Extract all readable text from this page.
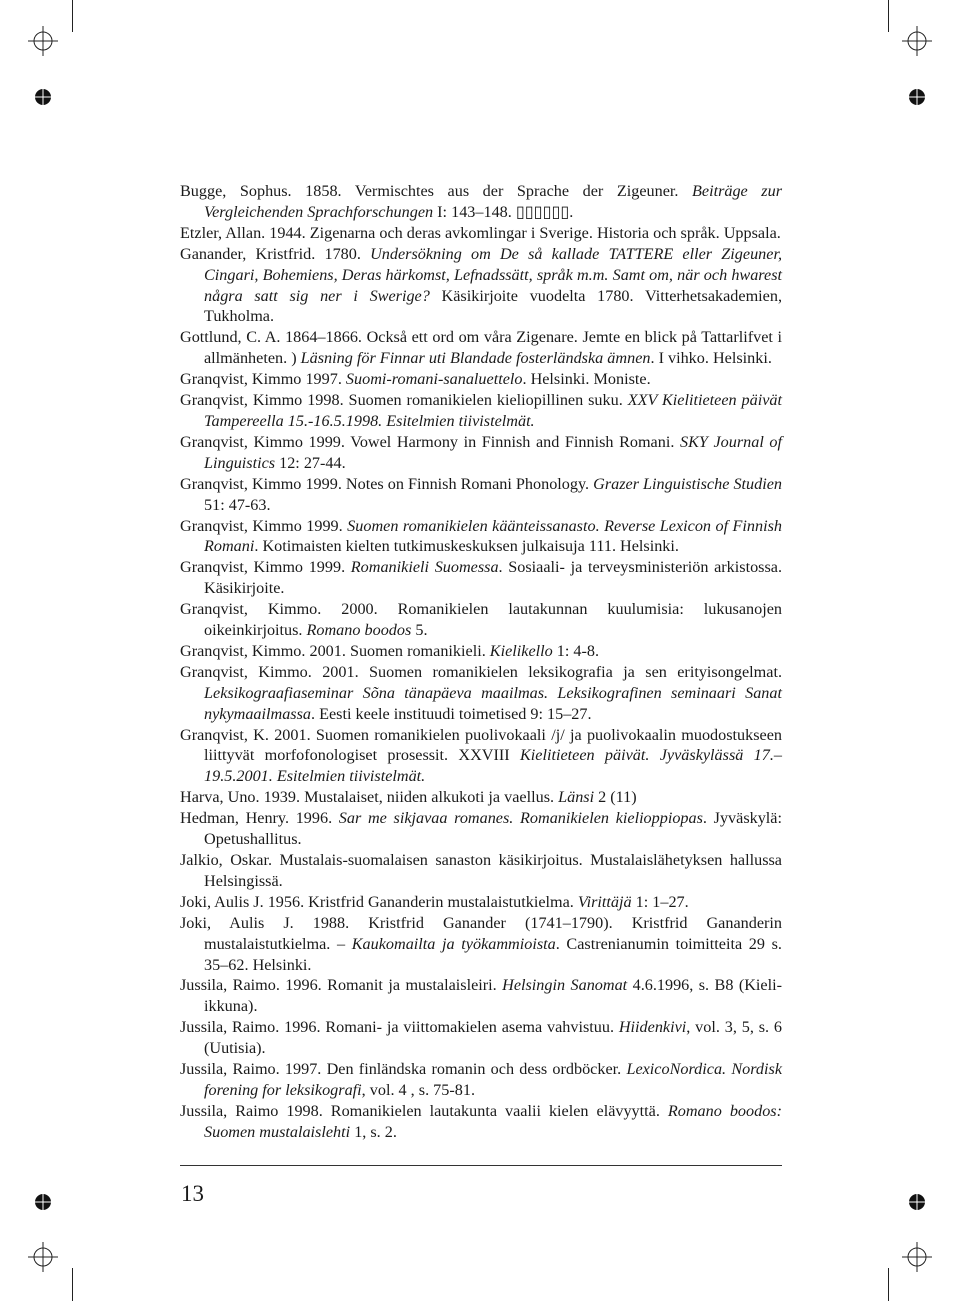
Bugge, Sophus. 1858. Vermischtes aus der Sprache der Zigeuner. Beiträge zur Vergleichenden Sprachforschungen I: 143–148. ▯▯▯▯▯▯.

Etzler, Allan. 1944. Zigenarna och deras avkomlingar i Sverige. Historia och språk. Uppsala.

Ganander, Kristfrid. 1780. Undersökning om De så kallade TATTERE eller Zigeuner, Cingari, Bohemiens, Deras härkomst, Lefnadssätt, språk m.m. Samt om, när och hwarest några satt sig ner i Swerige? Käsikirjoite vuodelta 1780. Vitterhetsakademien, Tukholma.

Gottlund, C. A. 1864–1866. Också ett ord om våra Zigenare. Jemte en blick på Tattarlifvet i allmänheten. ) Läsning för Finnar uti Blandade fosterländska ämnen. I vihko. Helsinki.

Granqvist, Kimmo 1997. Suomi-romani-sanaluettelo. Helsinki. Moniste.

Granqvist, Kimmo 1998. Suomen romanikielen kieliopillinen suku. XXV Kielitieteen päivät Tampereella 15.-16.5.1998. Esitelmien tiivistelmät.

Granqvist, Kimmo 1999. Vowel Harmony in Finnish and Finnish Romani. SKY Journal of Linguistics 12: 27-44.

Granqvist, Kimmo 1999. Notes on Finnish Romani Phonology. Grazer Linguistische Studien 51: 47-63.

Granqvist, Kimmo 1999. Suomen romanikielen käänteissanasto. Reverse Lexicon of Finnish Romani. Kotimaisten kielten tutkimuskeskuksen julkaisuja 111. Helsinki.

Granqvist, Kimmo 1999. Romanikieli Suomessa. Sosiaali- ja terveysministeriön arkistossa. Käsikirjoite.

Granqvist, Kimmo. 2000. Romanikielen lautakunnan kuulumisia: lukusanojen oikeinkirjoitus. Romano boodos 5.

Granqvist, Kimmo. 2001. Suomen romanikieli. Kielikello 1: 4-8.

Granqvist, Kimmo. 2001. Suomen romanikielen leksikografia ja sen erityisongelmat. Leksikograafiaseminar Sõna tänapäeva maailmas. Leksikografinen seminaari Sanat nykymaailmassa. Eesti keele instituudi toimetised 9: 15–27.

Granqvist, K. 2001. Suomen romanikielen puolivokaali /j/ ja puolivokaalin muodostukseen liittyvät morfofonologiset prosessit. XXVIII Kielitieteen päivät. Jyväskylässä 17.–19.5.2001. Esitelmien tiivistelmät.

Harva, Uno. 1939. Mustalaiset, niiden alkukoti ja vaellus. Länsi 2 (11)

Hedman, Henry. 1996. Sar me sikjavaa romanes. Romanikielen kielioppiopas. Jyväskylä: Opetushallitus.

Jalkio, Oskar. Mustalais-suomalaisen sanaston käsikirjoitus. Mustalaislähetyksen hallussa Helsingissä.

Joki, Aulis J. 1956. Kristfrid Gananderin mustalaistutkielma. Virittäjä 1: 1–27.

Joki, Aulis J. 1988. Kristfrid Ganander (1741–1790). Kristfrid Gananderin mustalaistutkielma. – Kaukomailta ja työkammioista. Castrenianumin toimitteita 29 s. 35–62. Helsinki.

Jussila, Raimo. 1996. Romanit ja mustalaisleiri. Helsingin Sanomat 4.6.1996, s. B8 (Kieli-ikkuna).

Jussila, Raimo. 1996. Romani- ja viittomakielen asema vahvistuu. Hiidenkivi, vol. 3, 5, s. 6 (Uutisia).

Jussila, Raimo. 1997. Den finländska romanin och dess ordböcker. LexicoNordica. Nordisk forening for leksikografi, vol. 4 , s. 75-81.

Jussila, Raimo 1998. Romanikielen lautakunta vaalii kielen elävyyttä. Romano boodos: Suomen mustalaislehti 1, s. 2.

13
